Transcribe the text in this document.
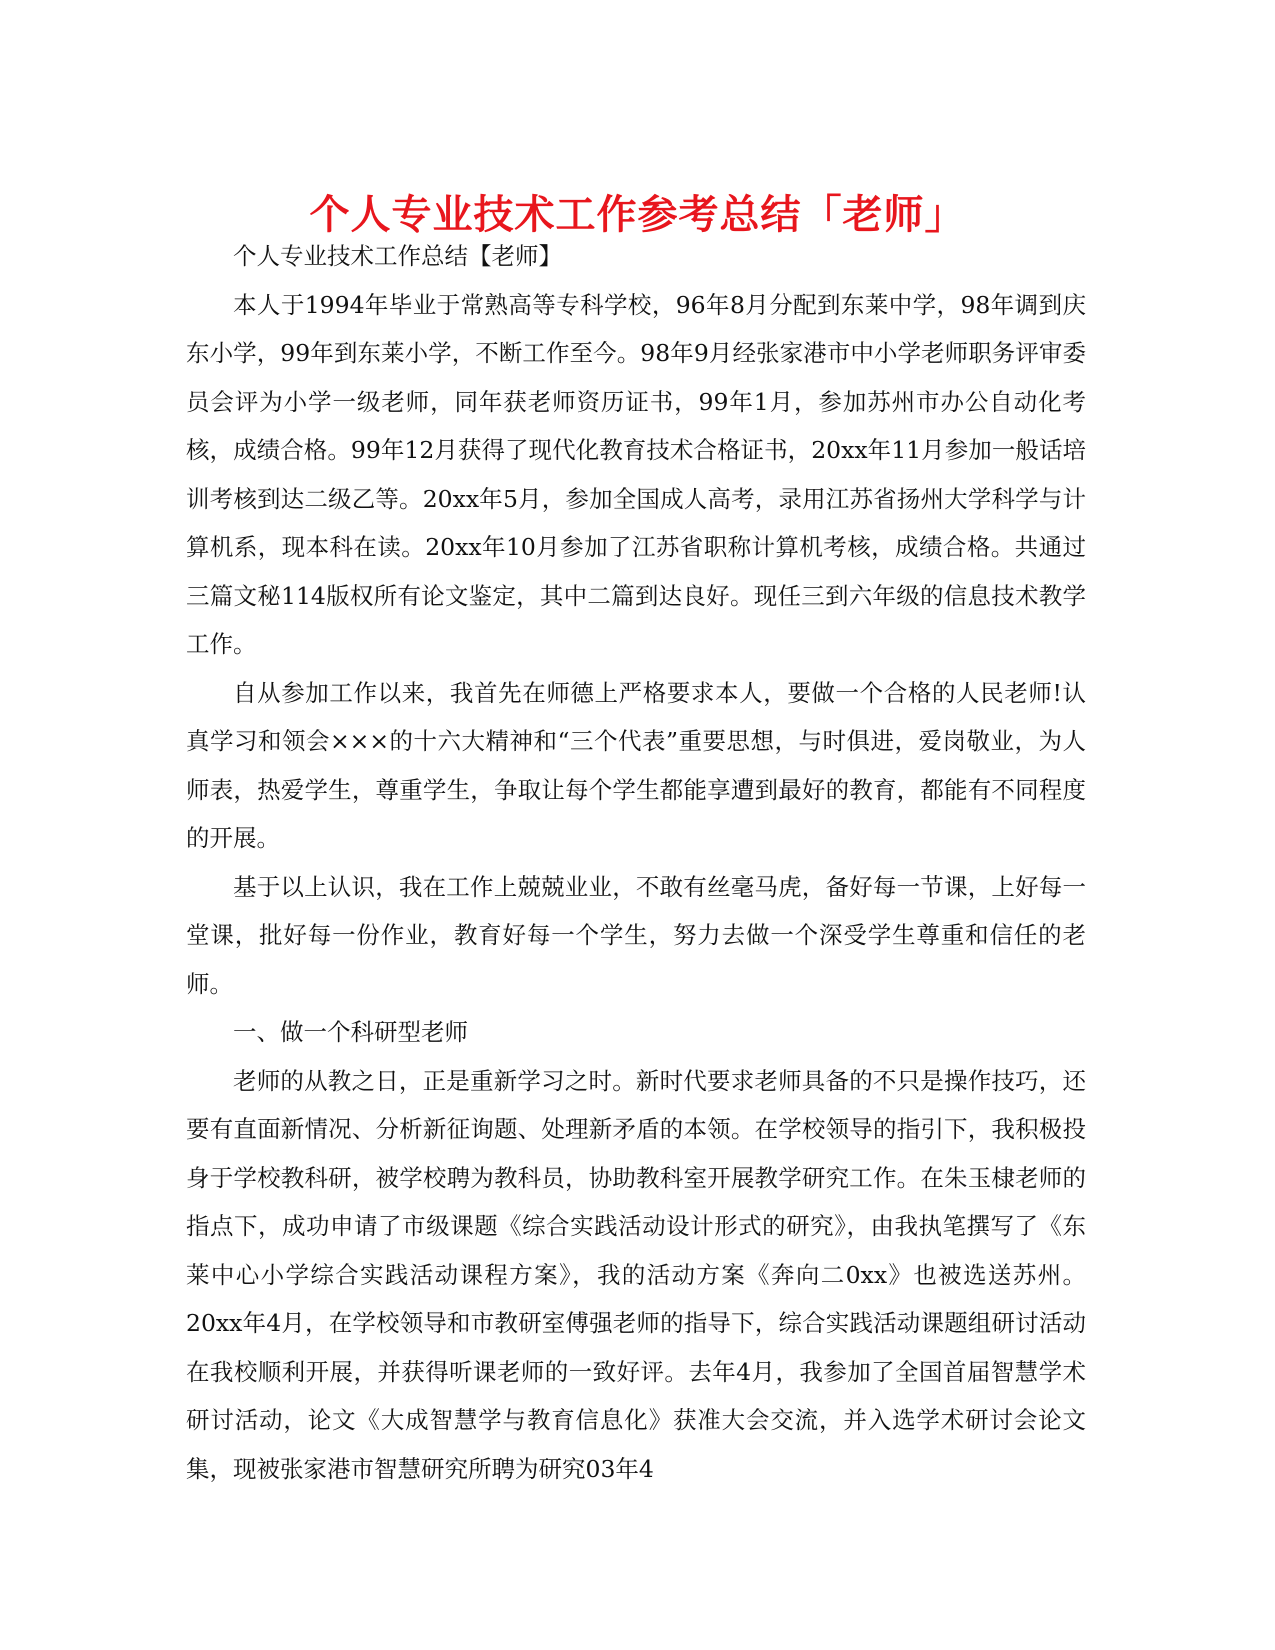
个人专业技术工作参考总结「老师」

个人专业技术工作总结【老师】

本人于1994年毕业于常熟高等专科学校，96年8月分配到东莱中学，98年调到庆东小学，99年到东莱小学，不断工作至今。98年9月经张家港市中小学老师职务评审委员会评为小学一级老师，同年获老师资历证书，99年1月，参加苏州市办公自动化考核，成绩合格。99年12月获得了现代化教育技术合格证书，20xx年11月参加一般话培训考核到达二级乙等。20xx年5月，参加全国成人高考，录用江苏省扬州大学科学与计算机系，现本科在读。20xx年10月参加了江苏省职称计算机考核，成绩合格。共通过三篇文秘114版权所有论文鉴定，其中二篇到达良好。现任三到六年级的信息技术教学工作。

自从参加工作以来，我首先在师德上严格要求本人，要做一个合格的人民老师!认真学习和领会×××的十六大精神和“三个代表”重要思想，与时俱进，爱岗敬业，为人师表，热爱学生，尊重学生，争取让每个学生都能享遭到最好的教育，都能有不同程度的开展。

基于以上认识，我在工作上兢兢业业，不敢有丝毫马虎，备好每一节课，上好每一堂课，批好每一份作业，教育好每一个学生，努力去做一个深受学生尊重和信任的老师。

一、做一个科研型老师

老师的从教之日，正是重新学习之时。新时代要求老师具备的不只是操作技巧，还要有直面新情况、分析新征询题、处理新矛盾的本领。在学校领导的指引下，我积极投身于学校教科研，被学校聘为教科员，协助教科室开展教学研究工作。在朱玉棣老师的指点下，成功申请了市级课题《综合实践活动设计形式的研究》，由我执笔撰写了《东莱中心小学综合实践活动课程方案》，我的活动方案《奔向二0xx》也被选送苏州。20xx年4月，在学校领导和市教研室傅强老师的指导下，综合实践活动课题组研讨活动在我校顺利开展，并获得听课老师的一致好评。去年4月，我参加了全国首届智慧学术研讨活动，论文《大成智慧学与教育信息化》获准大会交流，并入选学术研讨会论文集，现被张家港市智慧研究所聘为研究03年4
